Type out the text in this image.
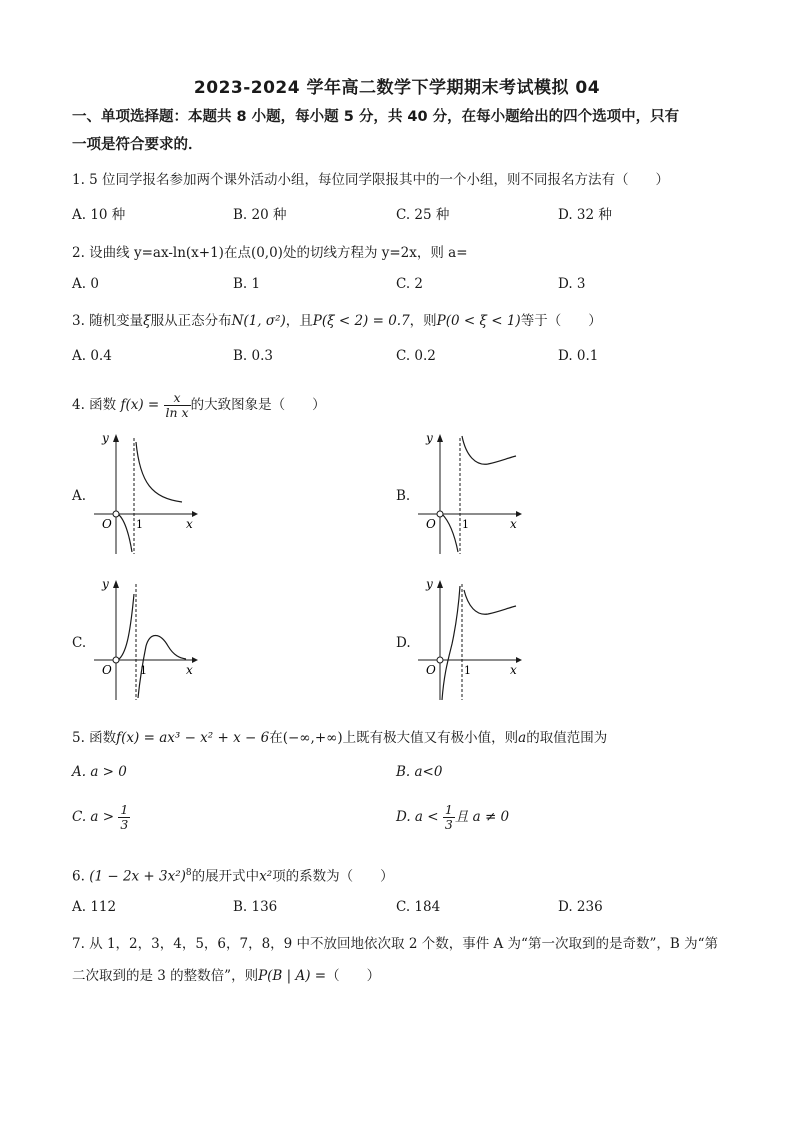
2023-2024 学年高二数学下学期期末考试模拟 04
一、单项选择题：本题共 8 小题，每小题 5 分，共 40 分，在每小题给出的四个选项中，只有
一项是符合要求的．
1. 5 位同学报名参加两个课外活动小组，每位同学限报其中的一个小组，则不同报名方法有（　　）
A. 10 种	B. 20 种	C. 25 种	D. 32 种
2. 设曲线 y=ax-ln(x+1)在点(0,0)处的切线方程为 y=2x，则 a=
A. 0	B. 1	C. 2	D. 3
3. 随机变量ξ服从正态分布N(1, σ²)，且P(ξ < 2) = 0.7，则P(0 < ξ < 1)等于（　　）
A. 0.4	B. 0.3	C. 0.2	D. 0.1
4. 函数 $f(x) = \frac{x}{\text{ln x}}$ 的大致图象是（　　）
A.
y
x
O 1
B.
y
x
O 1
C.
y
x
O	1
D.
y
x
O	1
5. 函数f(x) = ax³ − x² + x − 6在(−∞,+∞)上既有极大值又有极小值，则a的取值范围为
A. a > 0	B. a<0
C. $a > \frac{1}{3}$	D. $a < \frac{1}{3}$ 且 a ≠ 0
6. $(1 - 2x + 3x^2)^8$的展开式中x²项的系数为（　　）
A. 112	B. 136	C. 184	D. 236
7. 从 1，2，3，4，5，6，7，8，9 中不放回地依次取 2 个数，事件 A 为“第一次取到的是奇数”，B 为“第
二次取到的是 3 的整数倍”，则P(B | A) =（　　）
